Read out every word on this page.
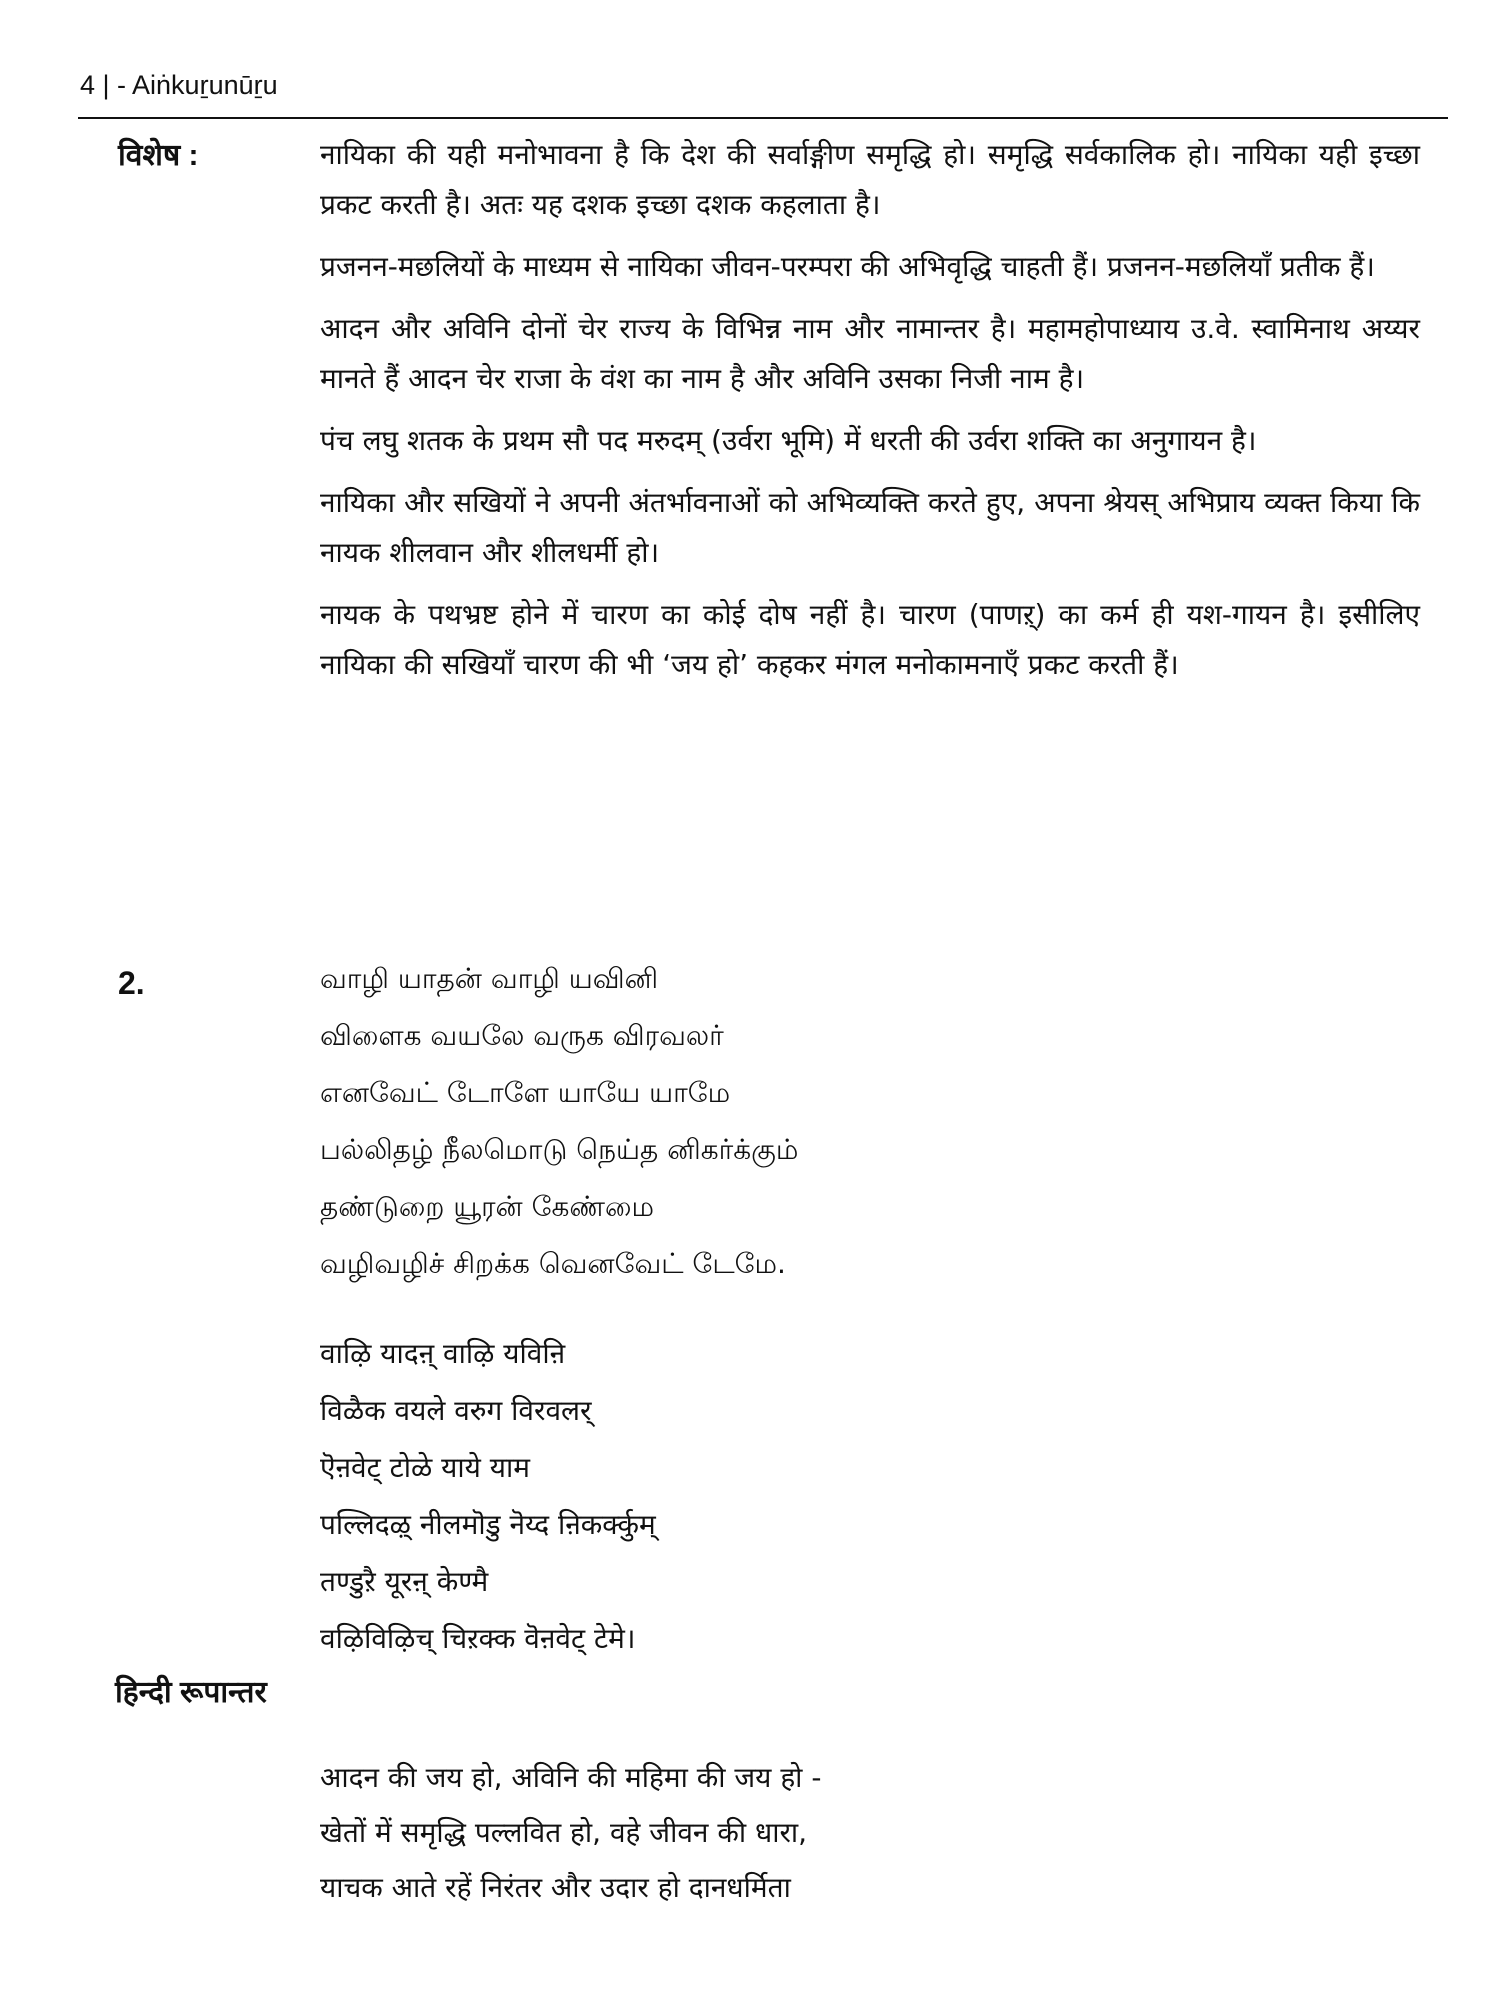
4 | - Aiṅkuṟunūṟu
विशेष :	नायिका की यही मनोभावना है कि देश की सर्वाङ्गीण समृद्धि हो। समृद्धि सर्वकालिक हो। नायिका यही इच्छा प्रकट करती है। अतः यह दशक इच्छा दशक कहलाता है।

प्रजनन-मछलियों के माध्यम से नायिका जीवन-परम्परा की अभिवृद्धि चाहती हैं। प्रजनन-मछलियाँ प्रतीक हैं।

आदन और अविनि दोनों चेर राज्य के विभिन्न नाम और नामान्तर है। महामहोपाध्याय उ.वे. स्वामिनाथ अय्यर मानते हैं आदन चेर राजा के वंश का नाम है और अविनि उसका निजी नाम है।

पंच लघु शतक के प्रथम सौ पद मरुदम् (उर्वरा भूमि) में धरती की उर्वरा शक्ति का अनुगायन है।

नायिका और सखियों ने अपनी अंतर्भावनाओं को अभिव्यक्ति करते हुए, अपना श्रेयस् अभिप्राय व्यक्त किया कि नायक शीलवान और शीलधर्मी हो।

नायक के पथभ्रष्ट होने में चारण का कोई दोष नहीं है। चारण (पाणऱ्) का कर्म ही यश-गायन है। इसीलिए नायिका की सखियाँ चारण की भी ‘जय हो’ कहकर मंगल मनोकामनाएँ प्रकट करती हैं।

2.	வாழி யாதன் வாழி யவினி
விளைக வயலே வருக விரவலர்
எனவேட் டோளே யாயே யாமே
பல்லிதழ் நீலமொடு நெய்த னிகர்க்கும்
தண்டுறை யூரன் கேண்மை
வழிவழிச் சிறக்க வெனவேட் டேமே.
वाऴि यादऩ् वाऴि यविऩि
विळैक वयले वरुग विरवलर्
ऎऩवेट् टोळे याये याम
पल्लिदऴ् नीलमॊडु नॆय्द ऩिकर्क्कुम्
तण्डुऱै यूरऩ् केण्मै
वऴिविऴिच् चिऱक्क वॆऩवेट् टेमे।
हिन्दी रूपान्तर
आदन की जय हो, अविनि की महिमा की जय हो -
खेतों में समृद्धि पल्लवित हो, वहे जीवन की धारा,
याचक आते रहें निरंतर और उदार हो दानधर्मिता
